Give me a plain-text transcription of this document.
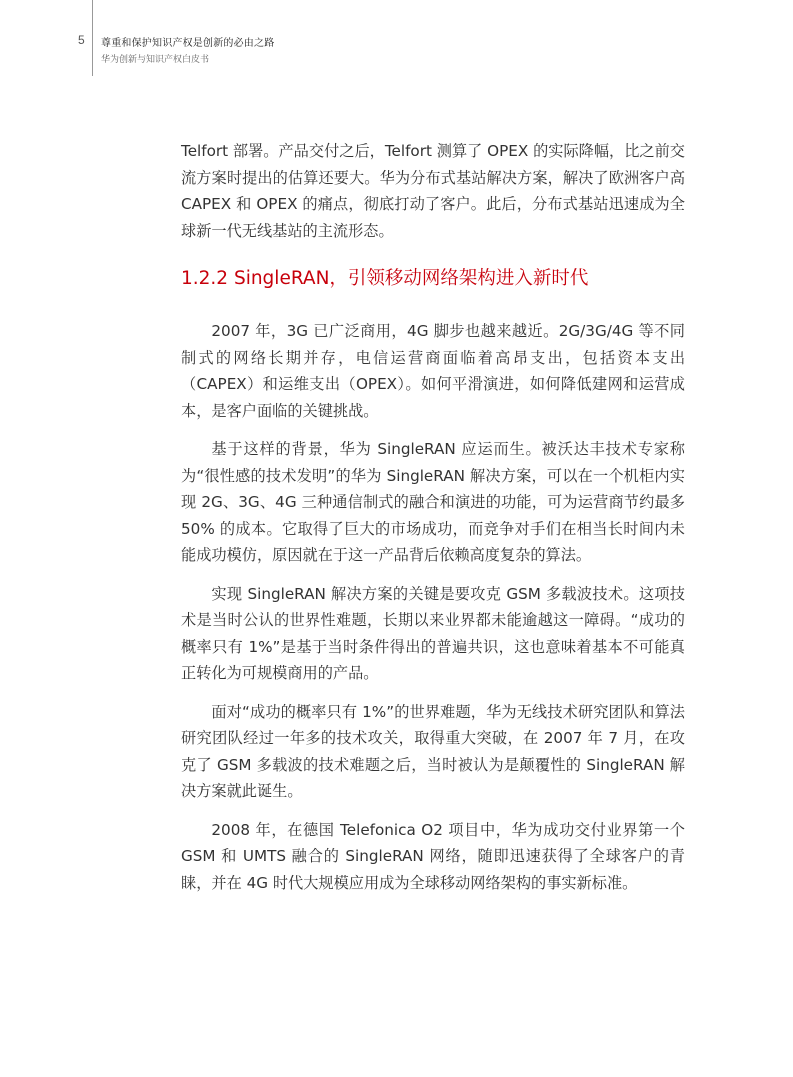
5 尊重和保护知识产权是创新的必由之路
华为创新与知识产权白皮书

Telfort 部署。产品交付之后，Telfort 测算了 OPEX 的实际降幅，比之前交流方案时提出的估算还要大。华为分布式基站解决方案，解决了欧洲客户高 CAPEX 和 OPEX 的痛点，彻底打动了客户。此后，分布式基站迅速成为全球新一代无线基站的主流形态。

1.2.2 SingleRAN，引领移动网络架构进入新时代

2007 年，3G 已广泛商用，4G 脚步也越来越近。2G/3G/4G 等不同制式的网络长期并存，电信运营商面临着高昂支出，包括资本支出（CAPEX）和运维支出（OPEX）。如何平滑演进，如何降低建网和运营成本，是客户面临的关键挑战。

基于这样的背景，华为 SingleRAN 应运而生。被沃达丰技术专家称为“很性感的技术发明”的华为 SingleRAN 解决方案，可以在一个机柜内实现 2G、3G、4G 三种通信制式的融合和演进的功能，可为运营商节约最多 50% 的成本。它取得了巨大的市场成功，而竞争对手们在相当长时间内未能成功模仿，原因就在于这一产品背后依赖高度复杂的算法。

实现 SingleRAN 解决方案的关键是要攻克 GSM 多载波技术。这项技术是当时公认的世界性难题，长期以来业界都未能逾越这一障碍。“成功的概率只有 1%”是基于当时条件得出的普遍共识，这也意味着基本不可能真正转化为可规模商用的产品。

面对“成功的概率只有 1%”的世界难题，华为无线技术研究团队和算法研究团队经过一年多的技术攻关，取得重大突破，在 2007 年 7 月，在攻克了 GSM 多载波的技术难题之后，当时被认为是颠覆性的 SingleRAN 解决方案就此诞生。

2008 年，在德国 Telefonica O2 项目中，华为成功交付业界第一个 GSM 和 UMTS 融合的 SingleRAN 网络，随即迅速获得了全球客户的青睐，并在 4G 时代大规模应用成为全球移动网络架构的事实新标准。
